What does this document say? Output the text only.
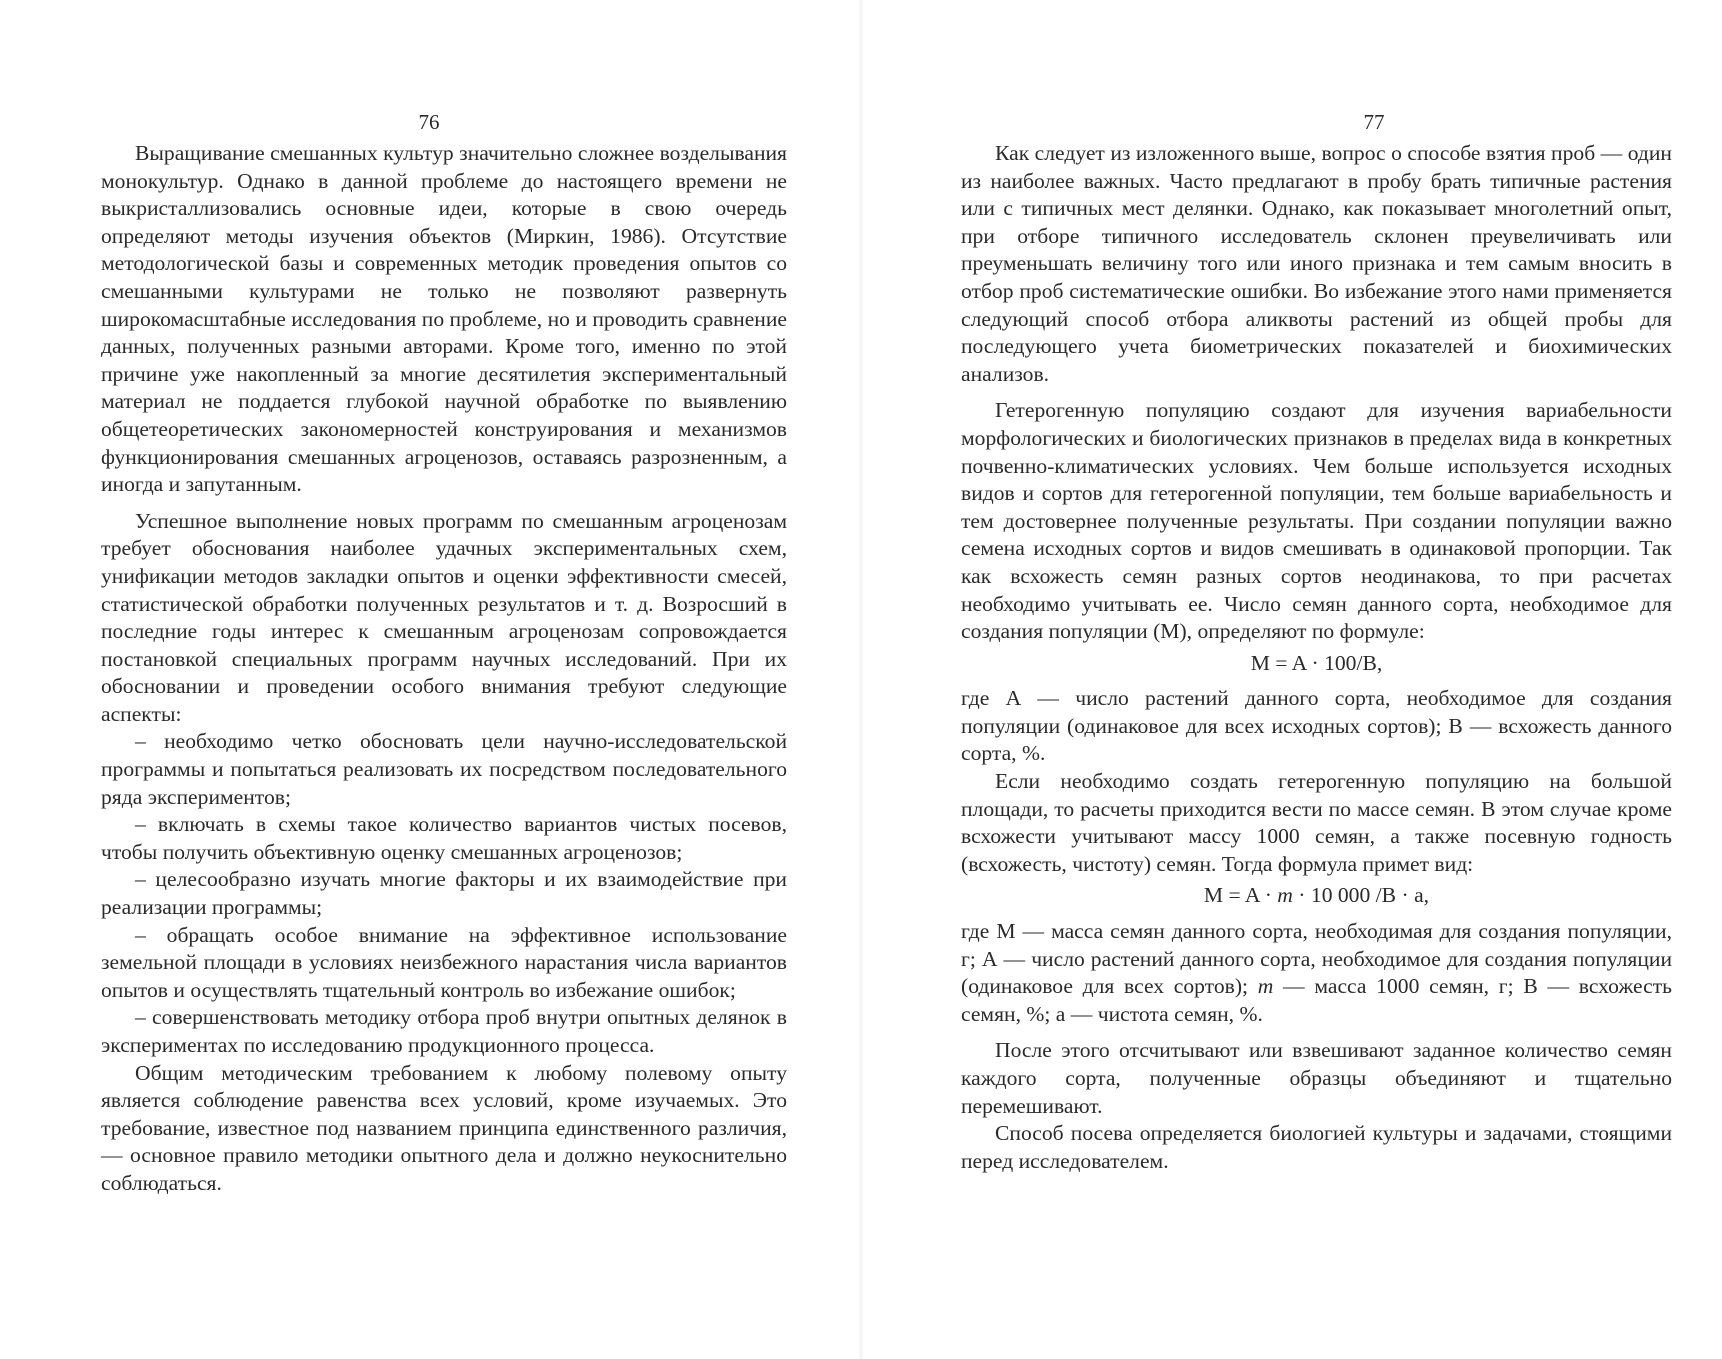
76

Выращивание смешанных культур значительно сложнее возделывания монокультур. Однако в данной проблеме до настоящего времени не выкристаллизовались основные идеи, которые в свою очередь определяют методы изучения объектов (Миркин, 1986). Отсутствие методологической базы и современных методик проведения опытов со смешанными культурами не только не позволяют развернуть широкомасштабные исследования по проблеме, но и проводить сравнение данных, полученных разными авторами. Кроме того, именно по этой причине уже накопленный за многие десятилетия экспериментальный материал не поддается глубокой научной обработке по выявлению общетеоретических закономерностей конструирования и механизмов функционирования смешанных агроценозов, оставаясь разрозненным, а иногда и запутанным.

Успешное выполнение новых программ по смешанным агроценозам требует обоснования наиболее удачных экспериментальных схем, унификации методов закладки опытов и оценки эффективности смесей, статистической обработки полученных результатов и т. д. Возросший в последние годы интерес к смешанным агроценозам сопровождается постановкой специальных программ научных исследований. При их обосновании и проведении особого внимания требуют следующие аспекты:

– необходимо четко обосновать цели научно-исследовательской программы и попытаться реализовать их посредством последовательного ряда экспериментов;

– включать в схемы такое количество вариантов чистых посевов, чтобы получить объективную оценку смешанных агроценозов;

– целесообразно изучать многие факторы и их взаимодействие при реализации программы;

– обращать особое внимание на эффективное использование земельной площади в условиях неизбежного нарастания числа вариантов опытов и осуществлять тщательный контроль во избежание ошибок;

– совершенствовать методику отбора проб внутри опытных делянок в экспериментах по исследованию продукционного процесса.

Общим методическим требованием к любому полевому опыту является соблюдение равенства всех условий, кроме изучаемых. Это требование, известное под названием принципа единственного различия, — основное правило методики опытного дела и должно неукоснительно соблюдаться.

77

Как следует из изложенного выше, вопрос о способе взятия проб — один из наиболее важных. Часто предлагают в пробу брать типичные растения или с типичных мест делянки. Однако, как показывает многолетний опыт, при отборе типичного исследователь склонен преувеличивать или преуменьшать величину того или иного признака и тем самым вносить в отбор проб систематические ошибки. Во избежание этого нами применяется следующий способ отбора аликвоты растений из общей пробы для последующего учета биометрических показателей и биохимических анализов.

Гетерогенную популяцию создают для изучения вариабельности морфологических и биологических признаков в пределах вида в конкретных почвенно-климатических условиях. Чем больше используется исходных видов и сортов для гетерогенной популяции, тем больше вариабельность и тем достовернее полученные результаты. При создании популяции важно семена исходных сортов и видов смешивать в одинаковой пропорции. Так как всхожесть семян разных сортов неодинакова, то при расчетах необходимо учитывать ее. Число семян данного сорта, необходимое для создания популяции (М), определяют по формуле:

M = A · 100/B,

где А — число растений данного сорта, необходимое для создания популяции (одинаковое для всех исходных сортов); В — всхожесть данного сорта, %.

Если необходимо создать гетерогенную популяцию на большой площади, то расчеты приходится вести по массе семян. В этом случае кроме всхожести учитывают массу 1000 семян, а также посевную годность (всхожесть, чистоту) семян. Тогда формула примет вид:

M = A · m · 10 000 /B · a,

где М — масса семян данного сорта, необходимая для создания популяции, г; А — число растений данного сорта, необходимое для создания популяции (одинаковое для всех сортов); m — масса 1000 семян, г; В — всхожесть семян, %; а — чистота семян, %.

После этого отсчитывают или взвешивают заданное количество семян каждого сорта, полученные образцы объединяют и тщательно перемешивают.

Способ посева определяется биологией культуры и задачами, стоящими перед исследователем.
